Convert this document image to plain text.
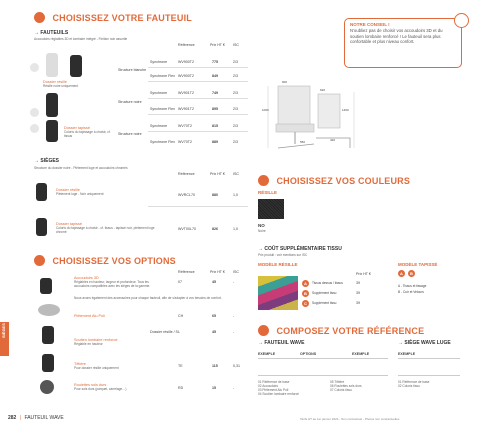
CHOISISSEZ VOTRE FAUTEUIL
→ FAUTEUILS
Accoudoirs réglables 3D et lombaire intégré - Finition noir assortie
Référence	Prix HT € ISC
Dossier résille
Résille noire uniquement
Dossier tapissé
Coloris du tapissage à choisir, cf. tissus
Structure blanche
Structure noire
Structure noire
Synchrone	WV900T2	775	2/3
Synchrone Flex WV900T2	849	2/3
Synchrone	WV901T2	749	2/3
Synchrone Flex WV901T2	895	2/3
Synchrone	WV70T2	815	2/3
Synchrone Flex WV70T2	889	2/3
NOTRE CONSEIL !
N'oubliez pas de choisir vos accoudoirs 3D et du soutien lombaire renforcé ! Le fauteuil sera plus confortable et plus niveau confort.
600
620
1000
550
1400
420
→ SIÈGES
Structure du dossier noire - Piètement luge et accoudoirs chromés
Référence	Prix HT € ISC
Dossier résille
Piètement luge - Noir uniquement	WVRCL70	880	1,0
Dossier tapissé
Coloris du tapissage à choisir - cf. tissus - tapissé noir, piètement luge chromé
WVT00L70	826	1,0
CHOISISSEZ VOS COULEURS
RÉSILLE
NO
Noire
→ COÛT SUPPLÉMENTAIRE TISSU
Prix produit : voir mentions sur ISC
MODÈLE RÉSILLE	MODÈLE TAPISSÉ
Prix HT €
A	Tissus dessus / tissus	39
B	Supplément tissu	39
C	Supplément tissu	39
A	B
A - Tissus et tissage
B - Cuir et Velours
CHOISISSEZ VOS OPTIONS
Référence	Prix HT € ISC
Accoudoirs 3D
Réglables en hauteur, largeur et profondeur. Tous les accoudoirs compatibles avec les sièges de la gamme.
07	45	-
Nous avons également des accessoires pour chaque fauteuil, afin de s'adapter à vos besoins de confort.
Piètement Alu Poli	CH	65	-
Soutien lombaire renforcé
Réglable en hauteur
Dossier résille / SL	45	-
Têtière
Pour dossier résille uniquement	TE	115	0,31
Roulettes sols durs
Pour sols durs (parquet, carrelage…)	RD	15	-
COMPOSEZ VOTRE RÉFÉRENCE
→ FAUTEUIL WAVE	→ SIÈGE WAVE LUGE
EXEMPLE	OPTIONS	EXEMPLE	EXEMPLE
01 Référence de base
02 Accoudoirs
03 Piètement Alu Poli
04 Soutien lombaire renforcé
05 Têtière
06 Roulettes sols durs
07 Coloris tissu
01 Référence de base
02 Coloris tissu
SIÈGES
282 | FAUTEUIL WAVE	Tarifs HT au 1er janvier 2024 - Non contractuel - Photos non contractuelles
